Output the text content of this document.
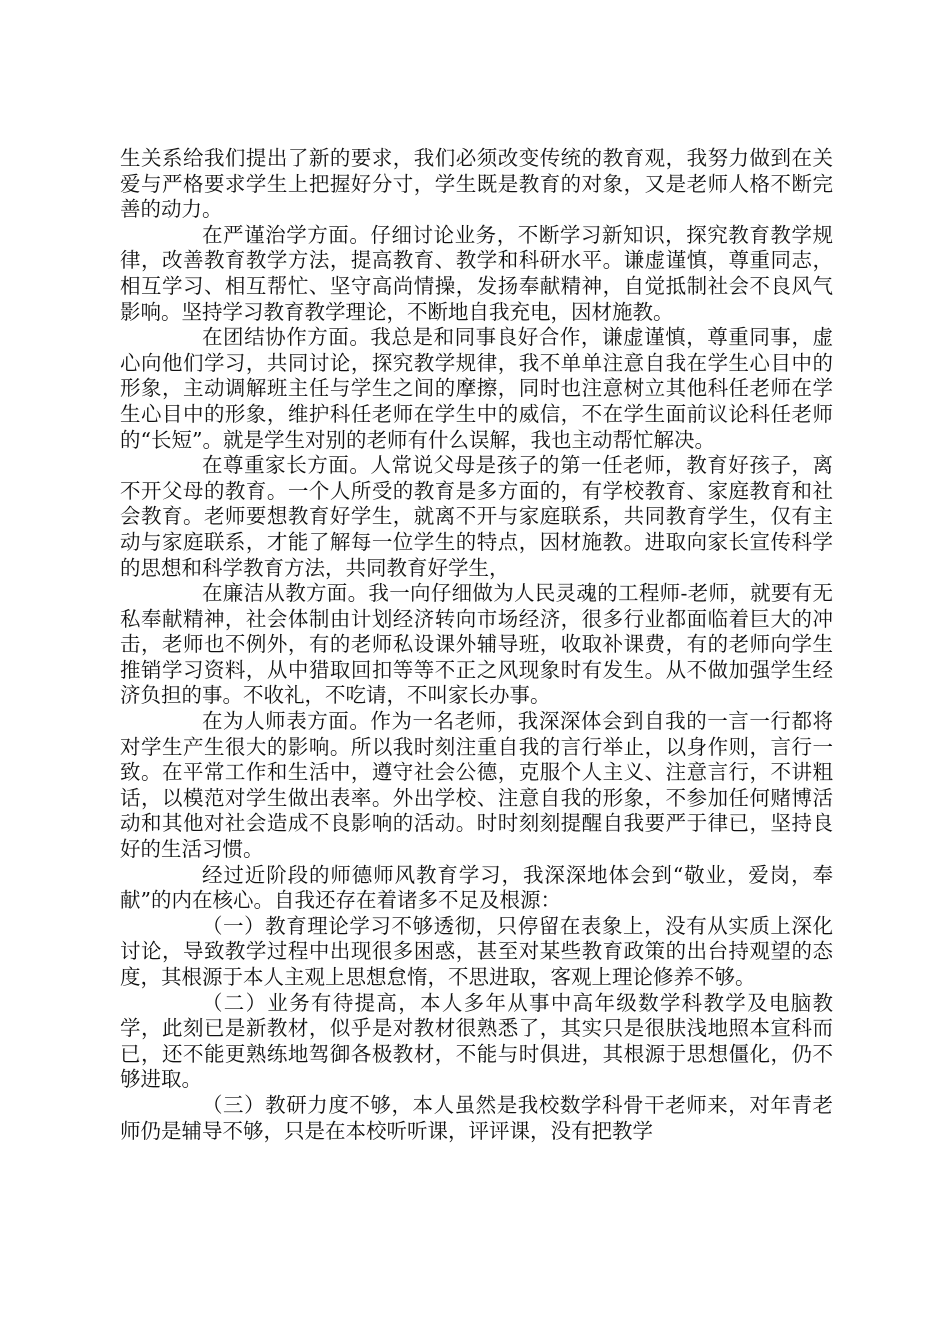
生关系给我们提出了新的要求，我们必须改变传统的教育观，我努力做到在关爱与严格要求学生上把握好分寸，学生既是教育的对象，又是老师人格不断完善的动力。

在严谨治学方面。仔细讨论业务，不断学习新知识，探究教育教学规律，改善教育教学方法，提高教育、教学和科研水平。谦虚谨慎，尊重同志，相互学习、相互帮忙、坚守高尚情操，发扬奉献精神，自觉抵制社会不良风气影响。坚持学习教育教学理论，不断地自我充电，因材施教。

在团结协作方面。我总是和同事良好合作，谦虚谨慎，尊重同事，虚心向他们学习，共同讨论，探究教学规律，我不单单注意自我在学生心目中的形象，主动调解班主任与学生之间的摩擦，同时也注意树立其他科任老师在学生心目中的形象，维护科任老师在学生中的威信，不在学生面前议论科任老师的“长短”。就是学生对别的老师有什么误解，我也主动帮忙解决。

在尊重家长方面。人常说父母是孩子的第一任老师，教育好孩子，离不开父母的教育。一个人所受的教育是多方面的，有学校教育、家庭教育和社会教育。老师要想教育好学生，就离不开与家庭联系，共同教育学生，仅有主动与家庭联系，才能了解每一位学生的特点，因材施教。进取向家长宣传科学的思想和科学教育方法，共同教育好学生，

在廉洁从教方面。我一向仔细做为人民灵魂的工程师-老师，就要有无私奉献精神，社会体制由计划经济转向市场经济，很多行业都面临着巨大的冲击，老师也不例外，有的老师私设课外辅导班，收取补课费，有的老师向学生推销学习资料，从中猎取回扣等等不正之风现象时有发生。从不做加强学生经济负担的事。不收礼，不吃请，不叫家长办事。

在为人师表方面。作为一名老师，我深深体会到自我的一言一行都将对学生产生很大的影响。所以我时刻注重自我的言行举止，以身作则，言行一致。在平常工作和生活中，遵守社会公德，克服个人主义、注意言行，不讲粗话，以模范对学生做出表率。外出学校、注意自我的形象，不参加任何赌博活动和其他对社会造成不良影响的活动。时时刻刻提醒自我要严于律已，坚持良好的生活习惯。

经过近阶段的师德师风教育学习，我深深地体会到“敬业，爱岗，奉献”的内在核心。自我还存在着诸多不足及根源：

（一）教育理论学习不够透彻，只停留在表象上，没有从实质上深化讨论，导致教学过程中出现很多困惑，甚至对某些教育政策的出台持观望的态度，其根源于本人主观上思想怠惰，不思进取，客观上理论修养不够。

（二）业务有待提高，本人多年从事中高年级数学科教学及电脑教学，此刻已是新教材，似乎是对教材很熟悉了，其实只是很肤浅地照本宣科而已，还不能更熟练地驾御各极教材，不能与时俱进，其根源于思想僵化，仍不够进取。

（三）教研力度不够，本人虽然是我校数学科骨干老师来，对年青老师仍是辅导不够，只是在本校听听课，评评课，没有把教学
